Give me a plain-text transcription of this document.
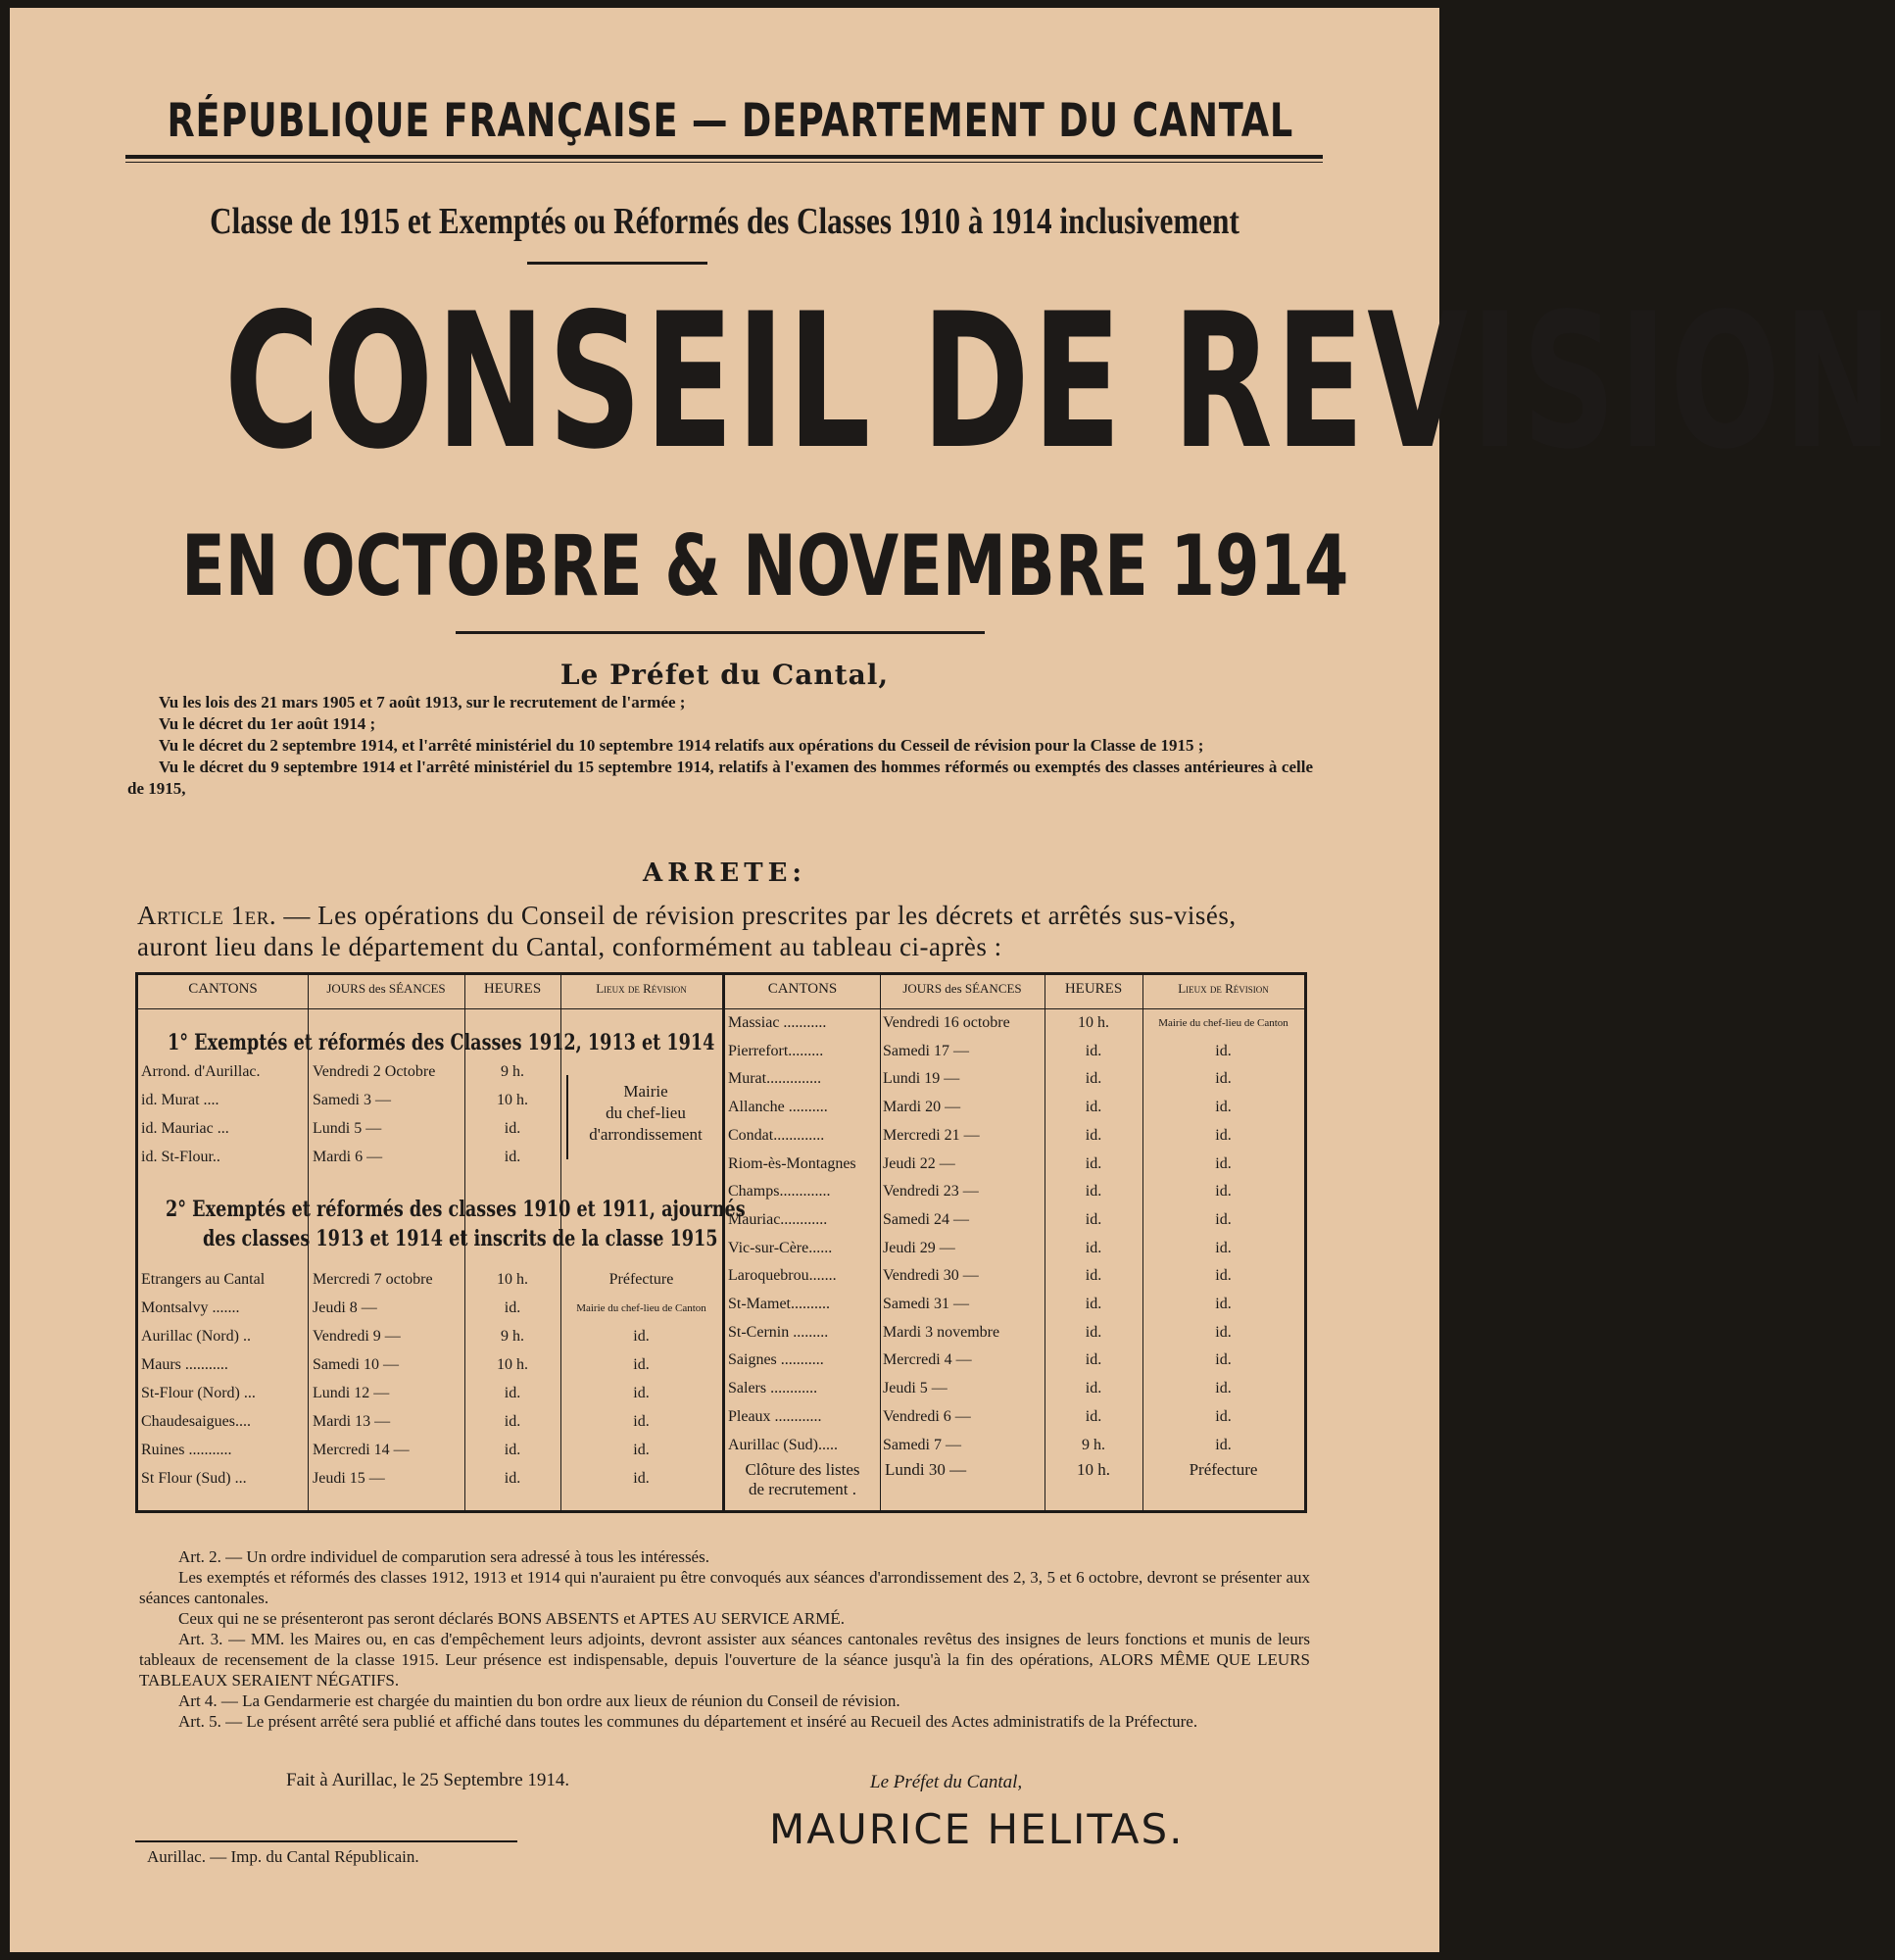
RÉPUBLIQUE FRANÇAISE — DEPARTEMENT DU CANTAL
Classe de 1915 et Exemptés ou Réformés des Classes 1910 à 1914 inclusivement
CONSEIL DE REVISION
EN OCTOBRE & NOVEMBRE 1914
Le Préfet du Cantal,

Vu les lois des 21 mars 1905 et 7 août 1913, sur le recrutement de l'armée ;

Vu le décret du 1er août 1914 ;

Vu le décret du 2 septembre 1914, et l'arrêté ministériel du 10 septembre 1914 relatifs aux opérations du Cesseil de révision pour la Classe de 1915 ;

Vu le décret du 9 septembre 1914 et l'arrêté ministériel du 15 septembre 1914, relatifs à l'examen des hommes réformés ou exemptés des classes antérieures à celle de 1915,

ARRETE:

Article 1er. — Les opérations du Conseil de révision prescrites par les décrets et arrêtés sus-visés, auront lieu dans le département du Cantal, conformément au tableau ci-après :

CANTONS	JOURS des SÉANCES	HEURES	Lieux de Révision	CANTONS	JOURS des SÉANCES	HEURES	Lieux de Révision
1° Exemptés et réformés des Classes 1912, 1913 et 1914
Arrond. d'Aurillac.	Vendredi 2 Octobre	9 h.
id. Murat ....	Samedi 3 —	10 h.
id. Mauriac ...	Lundi 5 —	id.
id. St-Flour..	Mardi 6 —	id.
Mairie
du chef-lieu
d'arrondissement
2° Exemptés et réformés des classes 1910 et 1911, ajournés
des classes 1913 et 1914 et inscrits de la classe 1915
Etrangers au Cantal	Mercredi 7 octobre	10 h.	Préfecture
Montsalvy .......	Jeudi 8 —	id.	Mairie du chef-lieu de Canton
Aurillac (Nord) ..	Vendredi 9 —	9 h.	id.
Maurs ...........	Samedi 10 —	10 h.	id.
St-Flour (Nord) ...	Lundi 12 —	id.	id.
Chaudesaigues....	Mardi 13 —	id.	id.
Ruines ...........	Mercredi 14 —	id.	id.
St Flour (Sud) ...	Jeudi 15 —	id.	id.
Massiac ...........	Vendredi 16 octobre	10 h.	Mairie du chef-lieu de Canton
Pierrefort.........	Samedi 17 —	id.	id.
Murat..............	Lundi 19 —	id.	id.
Allanche ..........	Mardi 20 —	id.	id.
Condat.............	Mercredi 21 —	id.	id.
Riom-ès-Montagnes	Jeudi 22 —	id.	id.
Champs.............	Vendredi 23 —	id.	id.
Mauriac............	Samedi 24 —	id.	id.
Vic-sur-Cère......	Jeudi 29 —	id.	id.
Laroquebrou.......	Vendredi 30 —	id.	id.
St-Mamet..........	Samedi 31 —	id.	id.
St-Cernin .........	Mardi 3 novembre	id.	id.
Saignes ...........	Mercredi 4 —	id.	id.
Salers ............	Jeudi 5 —	id.	id.
Pleaux ............	Vendredi 6 —	id.	id.
Aurillac (Sud).....	Samedi 7 —	9 h.	id.
Clôture des listes
de recrutement .
Lundi 30 —	10 h.	Préfecture

Art. 2. — Un ordre individuel de comparution sera adressé à tous les intéressés.

Les exemptés et réformés des classes 1912, 1913 et 1914 qui n'auraient pu être convoqués aux séances d'arrondissement des 2, 3, 5 et 6 octobre, devront se présenter aux séances cantonales.

Ceux qui ne se présenteront pas seront déclarés BONS ABSENTS et APTES AU SERVICE ARMÉ.

Art. 3. — MM. les Maires ou, en cas d'empêchement leurs adjoints, devront assister aux séances cantonales revêtus des insignes de leurs fonctions et munis de leurs tableaux de recensement de la classe 1915. Leur présence est indispensable, depuis l'ouverture de la séance jusqu'à la fin des opérations, ALORS MÊME QUE LEURS TABLEAUX SERAIENT NÉGATIFS.

Art 4. — La Gendarmerie est chargée du maintien du bon ordre aux lieux de réunion du Conseil de révision.

Art. 5. — Le présent arrêté sera publié et affiché dans toutes les communes du département et inséré au Recueil des Actes administratifs de la Préfecture.

Fait à Aurillac, le 25 Septembre 1914.	Le Préfet du Cantal,
MAURICE HELITAS.
Aurillac. — Imp. du Cantal Républicain.
